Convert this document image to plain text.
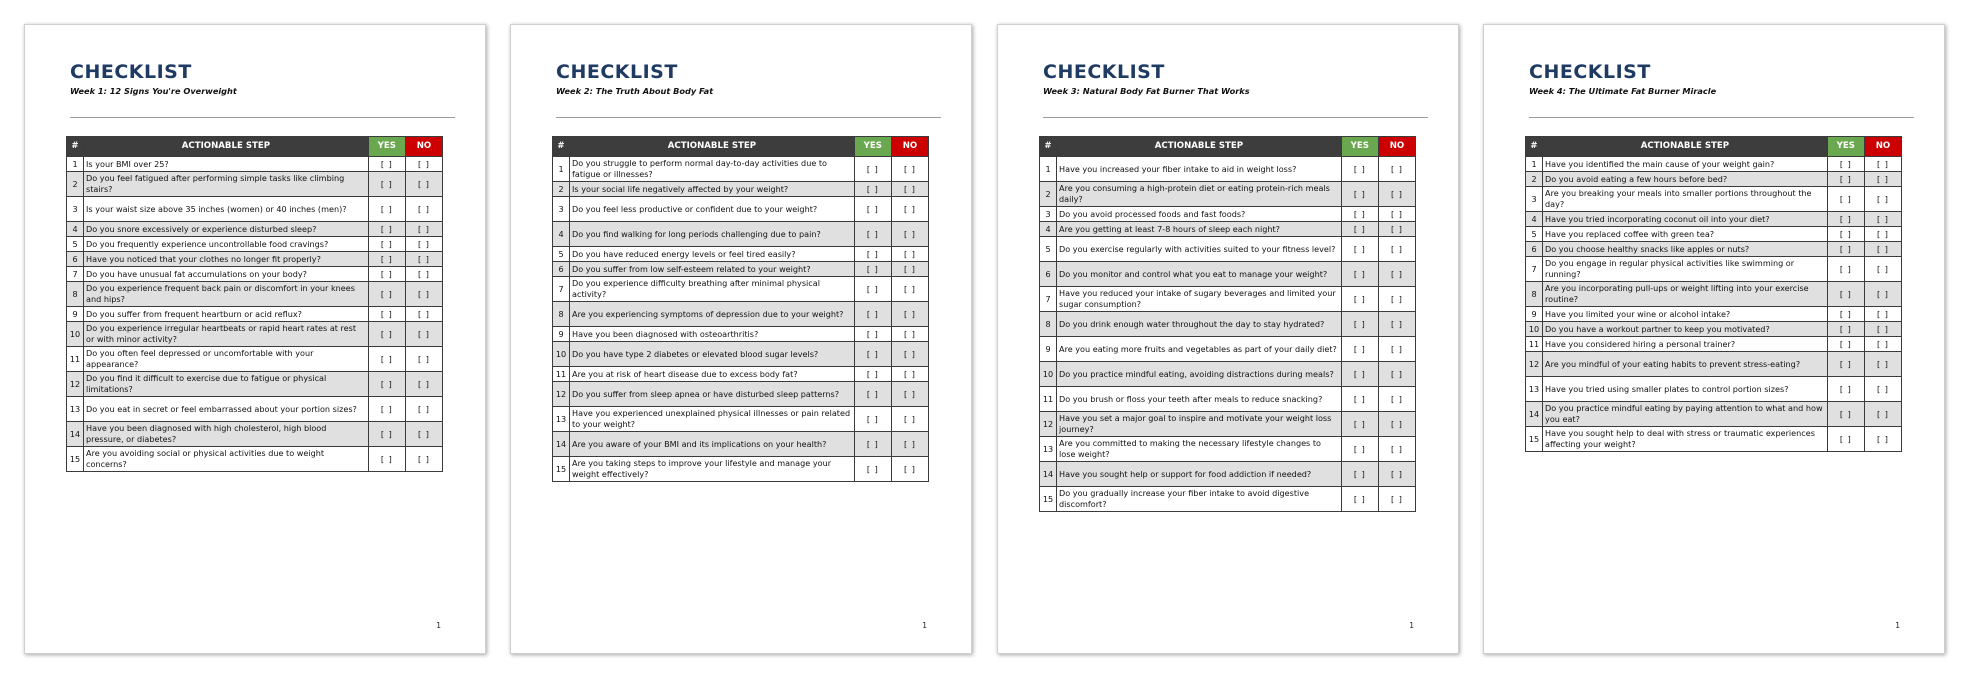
CHECKLIST
Week 1: 12 Signs You're Overweight
#	ACTIONABLE STEP	YES	NO
1	Is your BMI over 25?	[ ]	[ ]
2	Do you feel fatigued after performing simple tasks like climbing stairs?	[ ]	[ ]
3	Is your waist size above 35 inches (women) or 40 inches (men)?	[ ]	[ ]
4	Do you snore excessively or experience disturbed sleep?	[ ]	[ ]
5	Do you frequently experience uncontrollable food cravings?	[ ]	[ ]
6	Have you noticed that your clothes no longer fit properly?	[ ]	[ ]
7	Do you have unusual fat accumulations on your body?	[ ]	[ ]
8	Do you experience frequent back pain or discomfort in your knees and hips?	[ ]	[ ]
9	Do you suffer from frequent heartburn or acid reflux?	[ ]	[ ]
10	Do you experience irregular heartbeats or rapid heart rates at rest or with minor activity?	[ ]	[ ]
11	Do you often feel depressed or uncomfortable with your appearance?	[ ]	[ ]
12	Do you find it difficult to exercise due to fatigue or physical limitations?	[ ]	[ ]
13	Do you eat in secret or feel embarrassed about your portion sizes?	[ ]	[ ]
14	Have you been diagnosed with high cholesterol, high blood pressure, or diabetes?	[ ]	[ ]
15	Are you avoiding social or physical activities due to weight concerns?	[ ]	[ ]
1
CHECKLIST
Week 2: The Truth About Body Fat
#	ACTIONABLE STEP	YES	NO
1	Do you struggle to perform normal day-to-day activities due to fatigue or illnesses?	[ ]	[ ]
2	Is your social life negatively affected by your weight?	[ ]	[ ]
3	Do you feel less productive or confident due to your weight?	[ ]	[ ]
4	Do you find walking for long periods challenging due to pain?	[ ]	[ ]
5	Do you have reduced energy levels or feel tired easily?	[ ]	[ ]
6	Do you suffer from low self-esteem related to your weight?	[ ]	[ ]
7	Do you experience difficulty breathing after minimal physical activity?	[ ]	[ ]
8	Are you experiencing symptoms of depression due to your weight?	[ ]	[ ]
9	Have you been diagnosed with osteoarthritis?	[ ]	[ ]
10	Do you have type 2 diabetes or elevated blood sugar levels?	[ ]	[ ]
11	Are you at risk of heart disease due to excess body fat?	[ ]	[ ]
12	Do you suffer from sleep apnea or have disturbed sleep patterns?	[ ]	[ ]
13	Have you experienced unexplained physical illnesses or pain related to your weight?	[ ]	[ ]
14	Are you aware of your BMI and its implications on your health?	[ ]	[ ]
15	Are you taking steps to improve your lifestyle and manage your weight effectively?	[ ]	[ ]
1
CHECKLIST
Week 3: Natural Body Fat Burner That Works
#	ACTIONABLE STEP	YES	NO
1	Have you increased your fiber intake to aid in weight loss?	[ ]	[ ]
2	Are you consuming a high-protein diet or eating protein-rich meals daily?	[ ]	[ ]
3	Do you avoid processed foods and fast foods?	[ ]	[ ]
4	Are you getting at least 7-8 hours of sleep each night?	[ ]	[ ]
5	Do you exercise regularly with activities suited to your fitness level?	[ ]	[ ]
6	Do you monitor and control what you eat to manage your weight?	[ ]	[ ]
7	Have you reduced your intake of sugary beverages and limited your sugar consumption?	[ ]	[ ]
8	Do you drink enough water throughout the day to stay hydrated?	[ ]	[ ]
9	Are you eating more fruits and vegetables as part of your daily diet?	[ ]	[ ]
10	Do you practice mindful eating, avoiding distractions during meals?	[ ]	[ ]
11	Do you brush or floss your teeth after meals to reduce snacking?	[ ]	[ ]
12	Have you set a major goal to inspire and motivate your weight loss journey?	[ ]	[ ]
13	Are you committed to making the necessary lifestyle changes to lose weight?	[ ]	[ ]
14	Have you sought help or support for food addiction if needed?	[ ]	[ ]
15	Do you gradually increase your fiber intake to avoid digestive discomfort?	[ ]	[ ]
1
CHECKLIST
Week 4: The Ultimate Fat Burner Miracle
#	ACTIONABLE STEP	YES	NO
1	Have you identified the main cause of your weight gain?	[ ]	[ ]
2	Do you avoid eating a few hours before bed?	[ ]	[ ]
3	Are you breaking your meals into smaller portions throughout the day?	[ ]	[ ]
4	Have you tried incorporating coconut oil into your diet?	[ ]	[ ]
5	Have you replaced coffee with green tea?	[ ]	[ ]
6	Do you choose healthy snacks like apples or nuts?	[ ]	[ ]
7	Do you engage in regular physical activities like swimming or running?	[ ]	[ ]
8	Are you incorporating pull-ups or weight lifting into your exercise routine?	[ ]	[ ]
9	Have you limited your wine or alcohol intake?	[ ]	[ ]
10	Do you have a workout partner to keep you motivated?	[ ]	[ ]
11	Have you considered hiring a personal trainer?	[ ]	[ ]
12	Are you mindful of your eating habits to prevent stress-eating?	[ ]	[ ]
13	Have you tried using smaller plates to control portion sizes?	[ ]	[ ]
14	Do you practice mindful eating by paying attention to what and how you eat?	[ ]	[ ]
15	Have you sought help to deal with stress or traumatic experiences affecting your weight?	[ ]	[ ]
1
